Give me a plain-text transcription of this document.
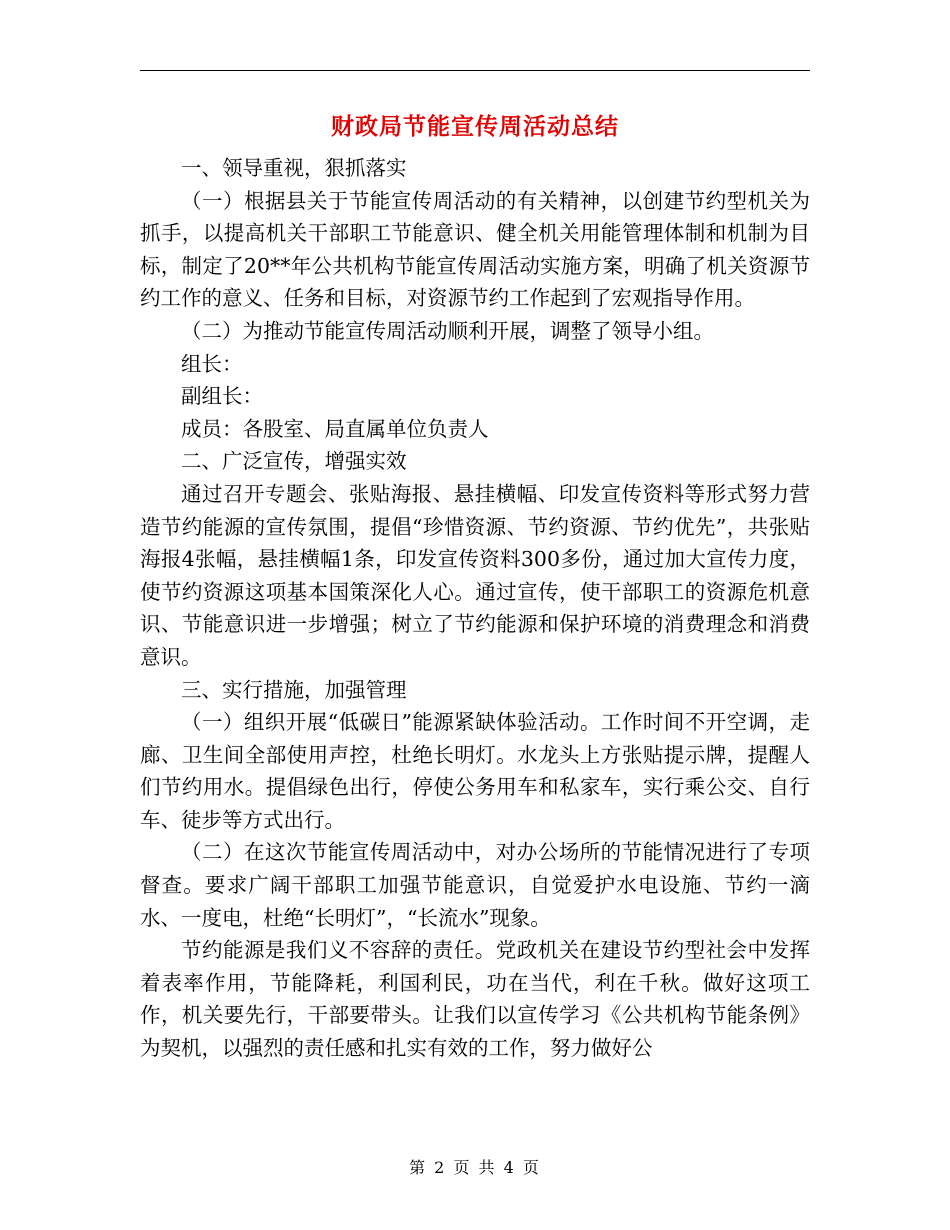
财政局节能宣传周活动总结

一、领导重视，狠抓落实

（一）根据县关于节能宣传周活动的有关精神，以创建节约型机关为抓手，以提高机关干部职工节能意识、健全机关用能管理体制和机制为目标，制定了20**年公共机构节能宣传周活动实施方案，明确了机关资源节约工作的意义、任务和目标，对资源节约工作起到了宏观指导作用。

（二）为推动节能宣传周活动顺利开展，调整了领导小组。

组长：

副组长：

成员：各股室、局直属单位负责人

二、广泛宣传，增强实效

通过召开专题会、张贴海报、悬挂横幅、印发宣传资料等形式努力营造节约能源的宣传氛围，提倡“珍惜资源、节约资源、节约优先”，共张贴海报4张幅，悬挂横幅1条，印发宣传资料300多份，通过加大宣传力度，使节约资源这项基本国策深化人心。通过宣传，使干部职工的资源危机意识、节能意识进一步增强；树立了节约能源和保护环境的消费理念和消费意识。

三、实行措施，加强管理

（一）组织开展“低碳日”能源紧缺体验活动。工作时间不开空调，走廊、卫生间全部使用声控，杜绝长明灯。水龙头上方张贴提示牌，提醒人们节约用水。提倡绿色出行，停使公务用车和私家车，实行乘公交、自行车、徒步等方式出行。

（二）在这次节能宣传周活动中，对办公场所的节能情况进行了专项督查。要求广阔干部职工加强节能意识，自觉爱护水电设施、节约一滴水、一度电，杜绝“长明灯”，“长流水”现象。

节约能源是我们义不容辞的责任。党政机关在建设节约型社会中发挥着表率作用，节能降耗，利国利民，功在当代，利在千秋。做好这项工作，机关要先行，干部要带头。让我们以宣传学习《公共机构节能条例》为契机，以强烈的责任感和扎实有效的工作，努力做好公

第 2 页 共 4 页
